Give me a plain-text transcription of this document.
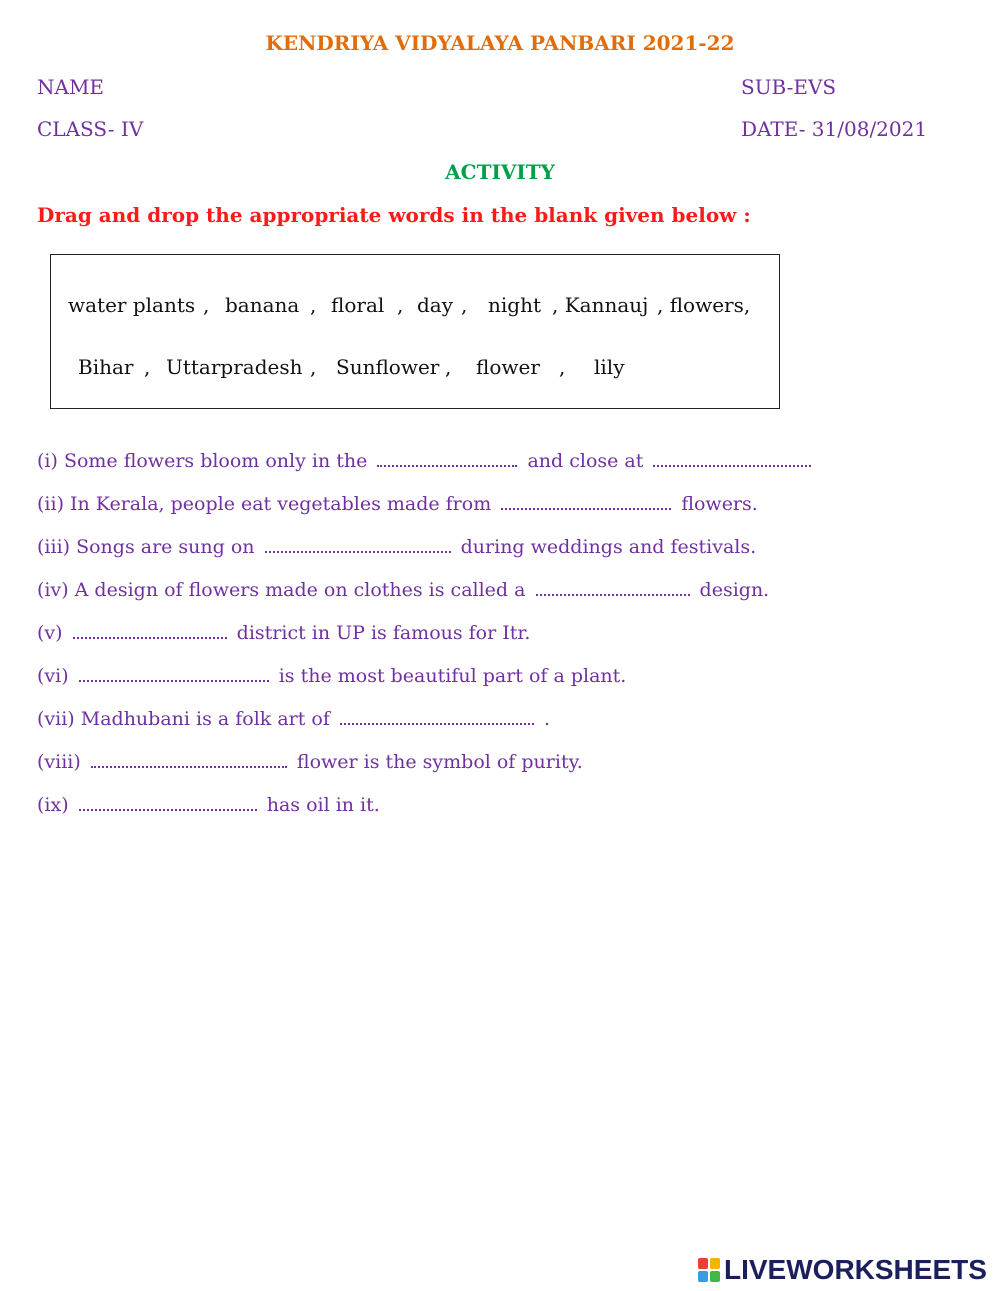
KENDRIYA VIDYALAYA PANBARI 2021-22
NAME	SUB-EVS
CLASS- IV	DATE- 31/08/2021
ACTIVITY
Drag and drop the appropriate words in the blank given below :
water plants , banana , floral , day , night , Kannauj , flowers,
Bihar , Uttarpradesh , Sunflower , flower , lily
(i) Some flowers bloom only in the	and close at
(ii) In Kerala, people eat vegetables made from	flowers.
(iii) Songs are sung on	during weddings and festivals.
(iv) A design of flowers made on clothes is called a	design.
(v)	district in UP is famous for Itr.
(vi)	is the most beautiful part of a plant.
(vii) Madhubani is a folk art of	.
(viii)	flower is the symbol of purity.
(ix)	has oil in it.
LIVEWORKSHEETS
